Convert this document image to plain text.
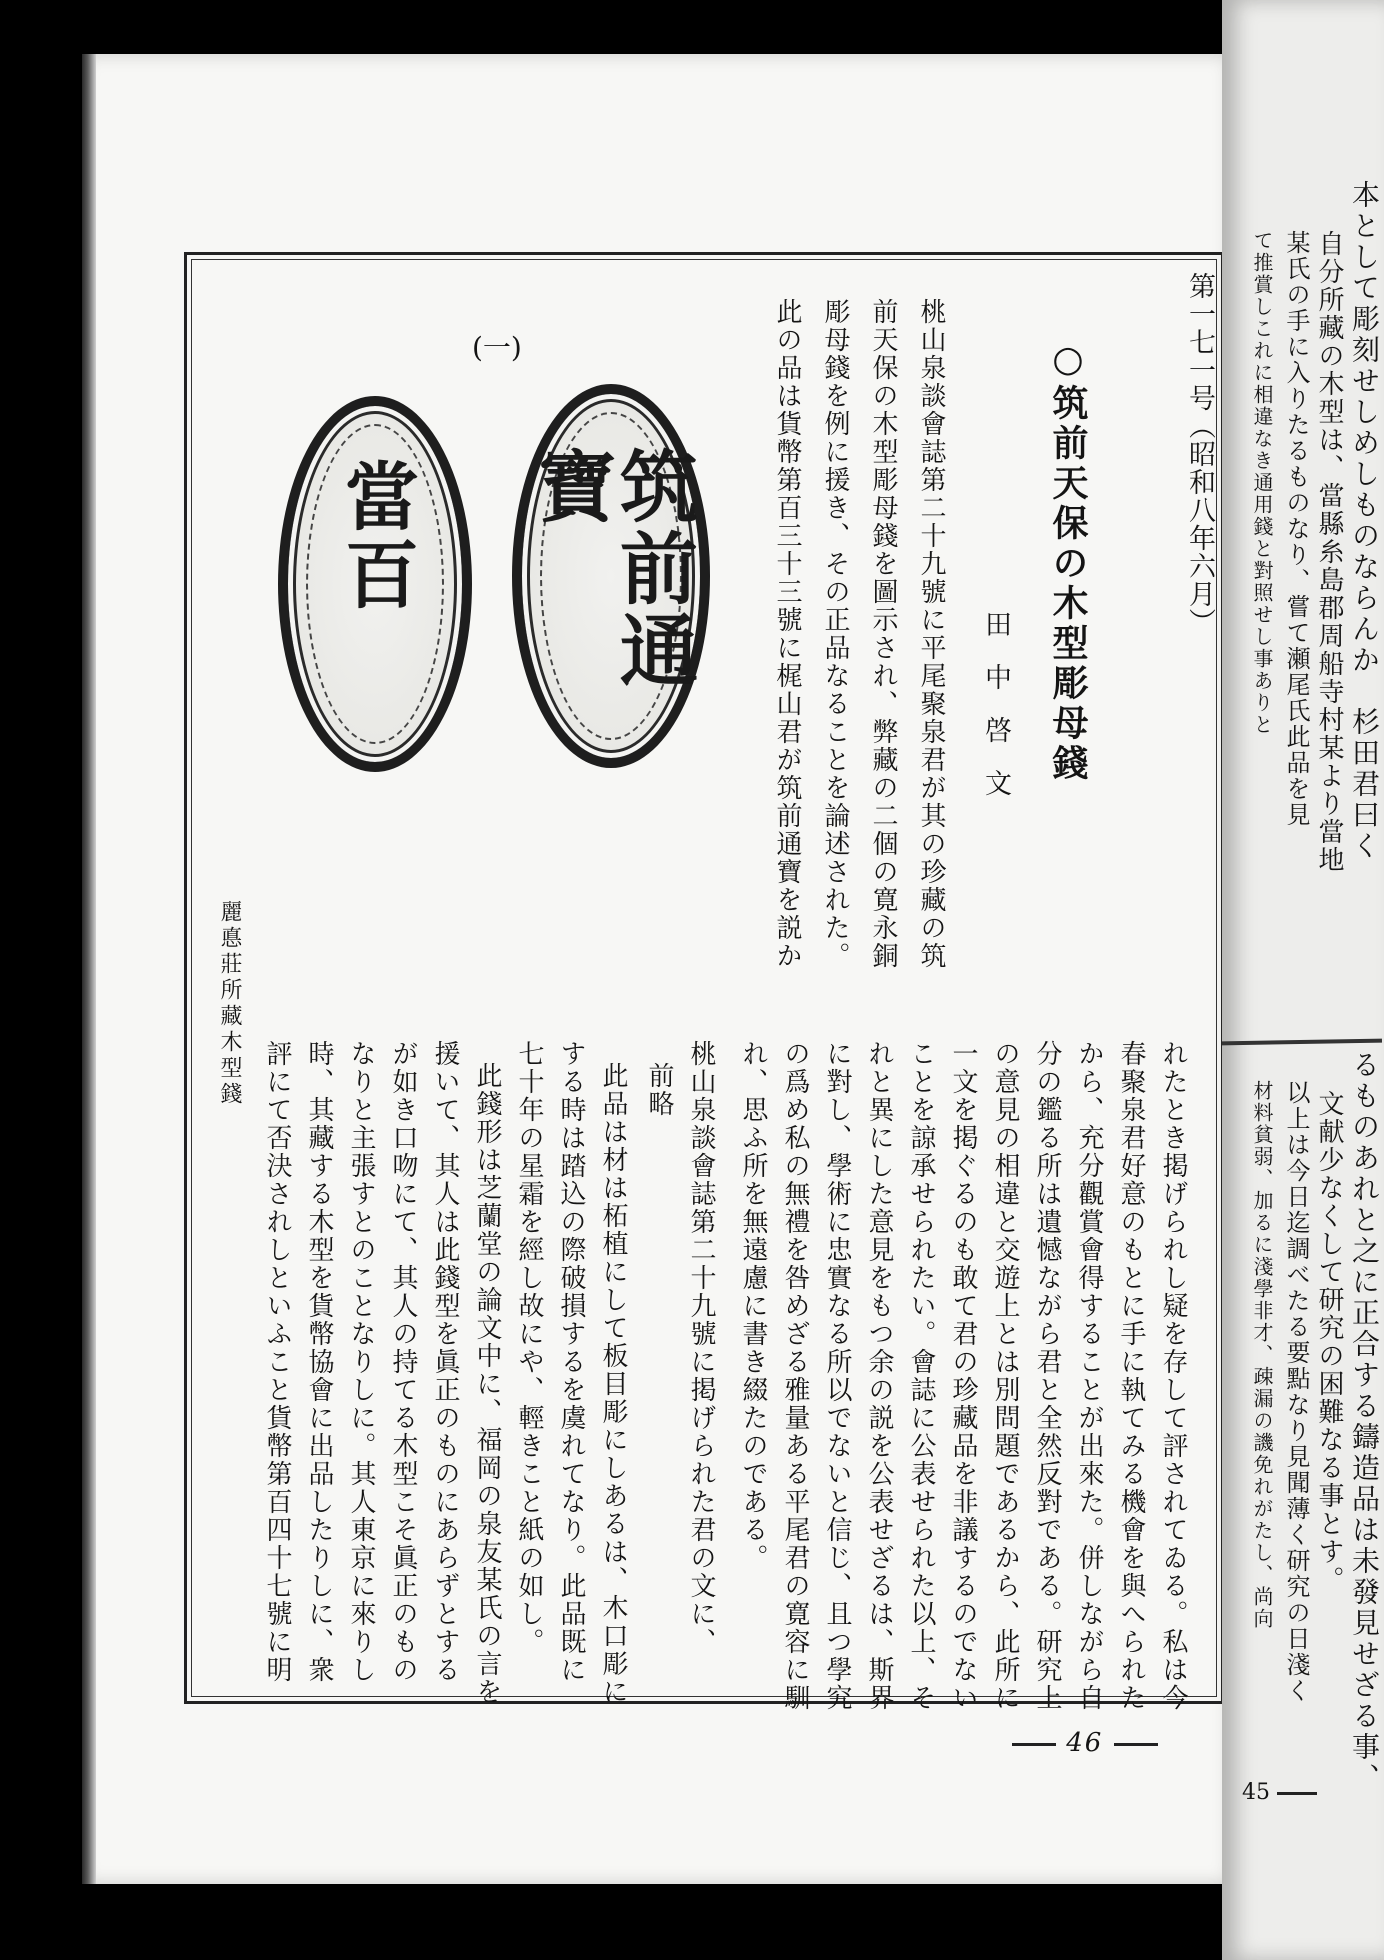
第一七一号（昭和八年六月）
○筑前天保の木型彫母錢
田中啓文
桃山泉談會誌第二十九號に平尾聚泉君が其の珍藏の筑
前天保の木型彫母錢を圖示され、弊藏の二個の寛永銅
彫母錢を例に援き、その正品なることを論述された。
此の品は貨幣第百三十三號に梶山君が筑前通寶を説か
(一)
筑前通寶
當百
麗悳莊所藏木型錢
れたとき掲げられし疑を存して評されてゐる。私は今
春聚泉君好意のもとに手に執てみる機會を與へられた
から、充分觀賞會得することが出來た。併しながら自
分の鑑る所は遺憾ながら君と全然反對である。研究上
の意見の相違と交遊上とは別問題であるから、此所に
一文を掲ぐるのも敢て君の珍藏品を非議するのでない
ことを諒承せられたい。會誌に公表せられた以上、そ
れと異にした意見をもつ余の説を公表せざるは、斯界
に對し、學術に忠實なる所以でないと信じ、且つ學究
の爲め私の無禮を咎めざる雅量ある平尾君の寛容に馴
れ、思ふ所を無遠慮に書き綴たのである。
桃山泉談會誌第二十九號に掲げられた君の文に、
前略
此品は材は柘植にして板目彫にしあるは、木口彫に
する時は踏込の際破損するを虞れてなり。此品既に
七十年の星霜を經し故にや、輕きこと紙の如し。
此錢形は芝蘭堂の論文中に、福岡の泉友某氏の言を
援いて、其人は此錢型を眞正のものにあらずとする
が如き口吻にて、其人の持てる木型こそ眞正のもの
なりと主張すとのことなりしに。其人東京に來りし
時、其藏する木型を貨幣協會に出品したりしに、衆
評にて否決されしといふこと貨幣第百四十七號に明
46
本として彫刻せしめしものならんか　杉田君曰く
自分所藏の木型は、當縣糸島郡周船寺村某より當地
某氏の手に入りたるものなり、嘗て瀬尾氏此品を見
て推賞しこれに相違なき通用錢と對照せし事ありと
るものあれと之に正合する鑄造品は未發見せざる事、
文献少なくして研究の困難なる事とす。
以上は今日迄調べたる要點なり見聞薄く研究の日淺く
材料貧弱、加るに淺學非才、疎漏の譏免れがたし、尚向
45
